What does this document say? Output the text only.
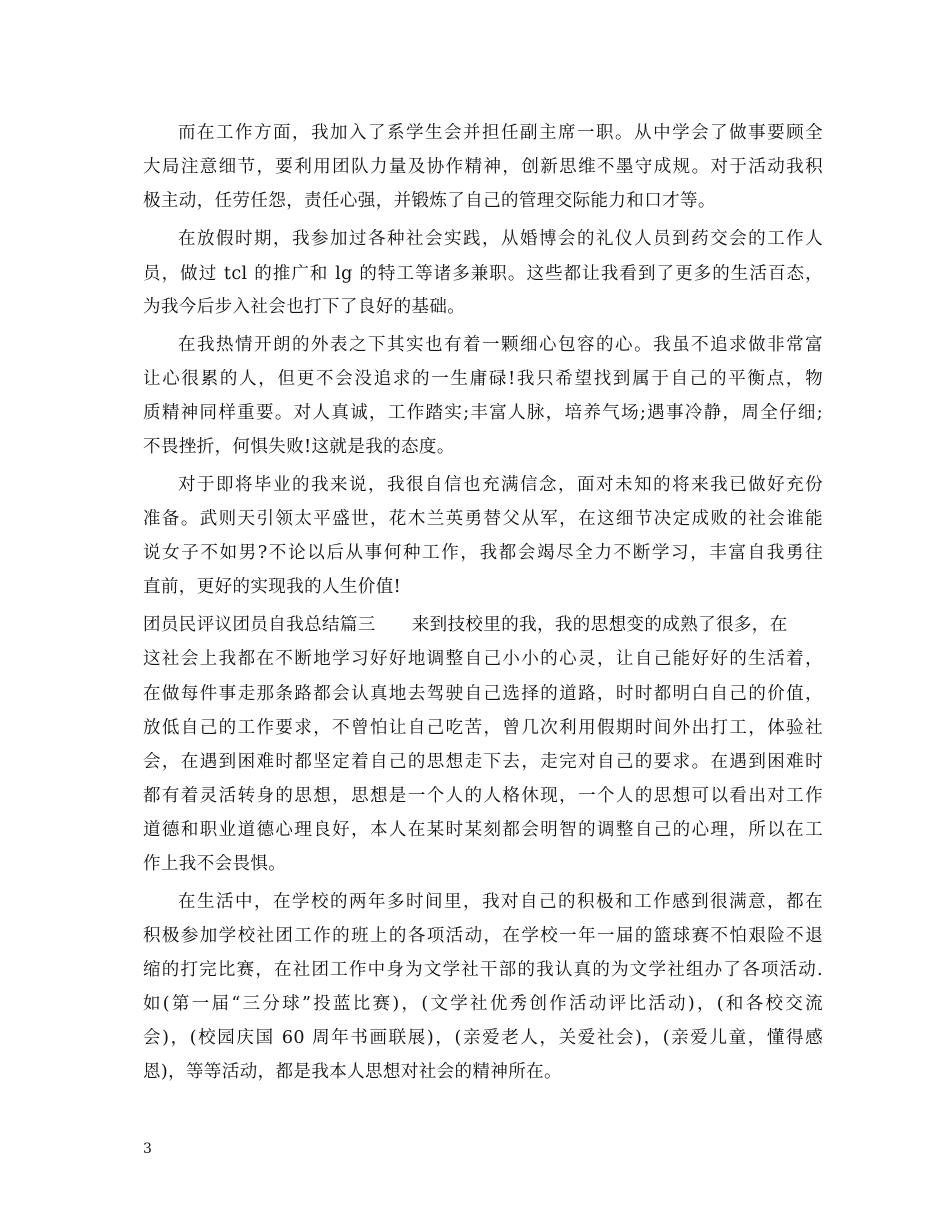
而在工作方面，我加入了系学生会并担任副主席一职。从中学会了做事要顾全
大局注意细节，要利用团队力量及协作精神，创新思维不墨守成规。对于活动我积
极主动，任劳任怨，责任心强，并锻炼了自己的管理交际能力和口才等。
在放假时期，我参加过各种社会实践，从婚博会的礼仪人员到药交会的工作人
员，做过 tcl 的推广和 lg 的特工等诸多兼职。这些都让我看到了更多的生活百态，
为我今后步入社会也打下了良好的基础。
在我热情开朗的外表之下其实也有着一颗细心包容的心。我虽不追求做非常富
让心很累的人，但更不会没追求的一生庸碌!我只希望找到属于自己的平衡点，物
质精神同样重要。对人真诚，工作踏实;丰富人脉，培养气场;遇事冷静，周全仔细;
不畏挫折，何惧失败!这就是我的态度。
对于即将毕业的我来说，我很自信也充满信念，面对未知的将来我已做好充份
准备。武则天引领太平盛世，花木兰英勇替父从军，在这细节决定成败的社会谁能
说女子不如男?不论以后从事何种工作，我都会竭尽全力不断学习，丰富自我勇往
直前，更好的实现我的人生价值!
团员民评议团员自我总结篇三 来到技校里的我，我的思想变的成熟了很多，在
这社会上我都在不断地学习好好地调整自己小小的心灵，让自己能好好的生活着，
在做每件事走那条路都会认真地去驾驶自己选择的道路，时时都明白自己的价值，
放低自己的工作要求，不曾怕让自己吃苦，曾几次利用假期时间外出打工，体验社
会，在遇到困难时都坚定着自己的思想走下去，走完对自己的要求。在遇到困难时
都有着灵活转身的思想，思想是一个人的人格休现，一个人的思想可以看出对工作
道德和职业道德心理良好，本人在某时某刻都会明智的调整自己的心理，所以在工
作上我不会畏惧。
在生活中，在学校的两年多时间里，我对自己的积极和工作感到很满意，都在
积极参加学校社团工作的班上的各项活动，在学校一年一届的篮球赛不怕艰险不退
缩的打完比赛，在社团工作中身为文学社干部的我认真的为文学社组办了各项活动.
如(第一届“三分球”投蓝比赛)，(文学社优秀创作活动评比活动)，(和各校交流
会)，(校园庆国 60 周年书画联展)，(亲爱老人，关爱社会)，(亲爱儿童，懂得感
恩)，等等活动，都是我本人思想对社会的精神所在。
3
